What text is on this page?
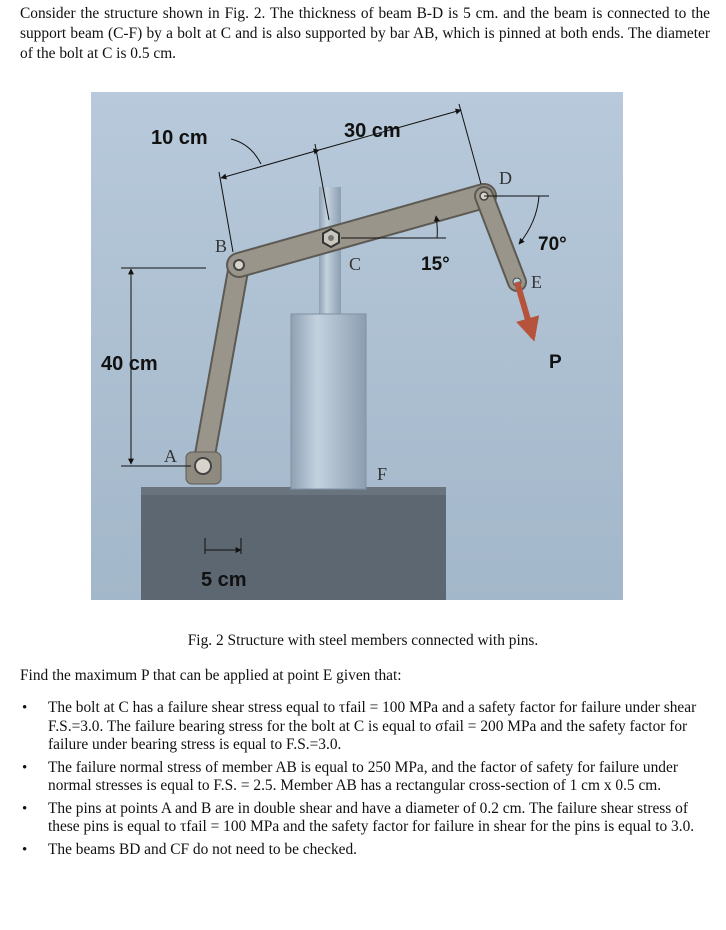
Consider the structure shown in Fig. 2. The thickness of beam B-D is 5 cm. and the beam is connected to the support beam (C-F) by a bolt at C and is also supported by bar AB, which is pinned at both ends. The diameter of the bolt at C is 0.5 cm.
10 cm	30 cm
40 cm
5 cm
15°
70°
A
B
C
D
E
F
P
Fig. 2 Structure with steel members connected with pins.
Find the maximum P that can be applied at point E given that:
• The bolt at C has a failure shear stress equal to τfail = 100 MPa and a safety factor for failure under shear F.S.=3.0. The failure bearing stress for the bolt at C is equal to σfail = 200 MPa and the safety factor for failure under bearing stress is equal to F.S.=3.0.
• The failure normal stress of member AB is equal to 250 MPa, and the factor of safety for failure under normal stresses is equal to F.S. = 2.5. Member AB has a rectangular cross-section of 1 cm x 0.5 cm.
• The pins at points A and B are in double shear and have a diameter of 0.2 cm. The failure shear stress of these pins is equal to τfail = 100 MPa and the safety factor for failure in shear for the pins is equal to 3.0.
• The beams BD and CF do not need to be checked.
